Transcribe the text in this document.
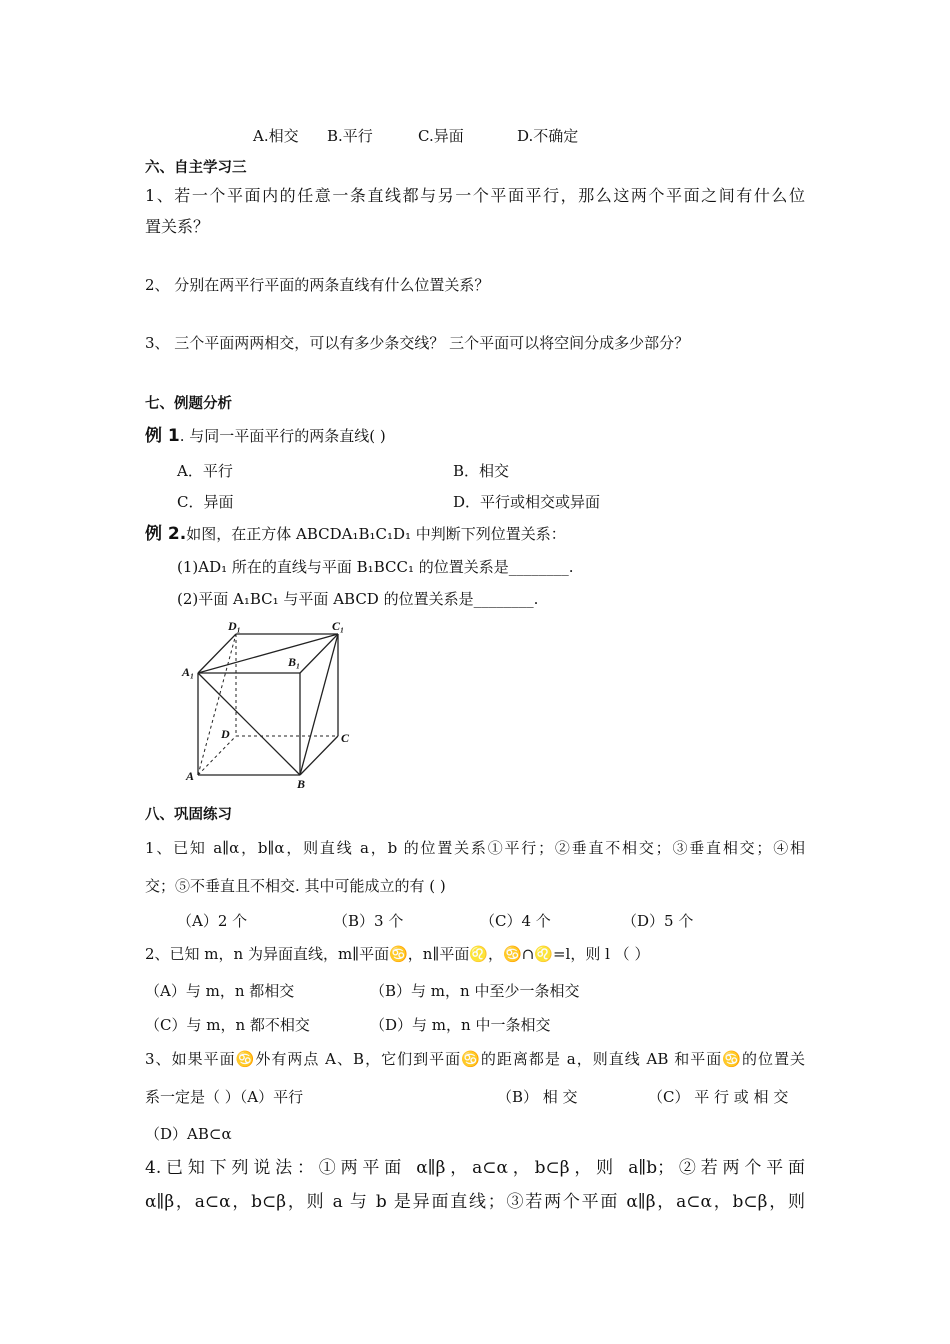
A.相交 B.平行	C.异面	D.不确定
六、自主学习三
1、若一个平面内的任意一条直线都与另一个平面平行，那么这两个平面之间有什么位
置关系？
2、 分别在两平行平面的两条直线有什么位置关系？
3、 三个平面两两相交，可以有多少条交线？ 三个平面可以将空间分成多少部分？
七、例题分析
例 1. 与同一平面平行的两条直线( )
A．平行	B．相交
C．异面	D．平行或相交或异面
例 2.如图，在正方体 ABCDA₁B₁C₁D₁ 中判断下列位置关系：
(1)AD₁ 所在的直线与平面 B₁BCC₁ 的位置关系是________.
(2)平面 A₁BC₁ 与平面 ABCD 的位置关系是________.
D₁	C₁
B₁
A₁
D	C
A
B
八、巩固练习
1、已知 a∥α，b∥α，则直线 a，b 的位置关系①平行；②垂直不相交；③垂直相交；④相
交；⑤不垂直且不相交. 其中可能成立的有 ( )
（A）2 个	（B）3 个	（C）4 个	（D）5 个
2、已知 m，n 为异面直线，m∥平面♋，n∥平面♌，♋∩♌=l，则 l （ ）
（A）与 m，n 都相交	（B）与 m，n 中至少一条相交
（C）与 m，n 都不相交	（D）与 m，n 中一条相交
3、如果平面♋外有两点 A、B，它们到平面♋的距离都是 a，则直线 AB 和平面♋的位置关
系一定是（ ）（A）平行	（B） 相 交	（C） 平 行 或 相 交
（D）AB⊂α
4.已知下列说法：①两平面 α∥β，a⊂α，b⊂β，则 a∥b；②若两个平面
α∥β，a⊂α，b⊂β，则 a 与 b 是异面直线；③若两个平面 α∥β，a⊂α，b⊂β，则
